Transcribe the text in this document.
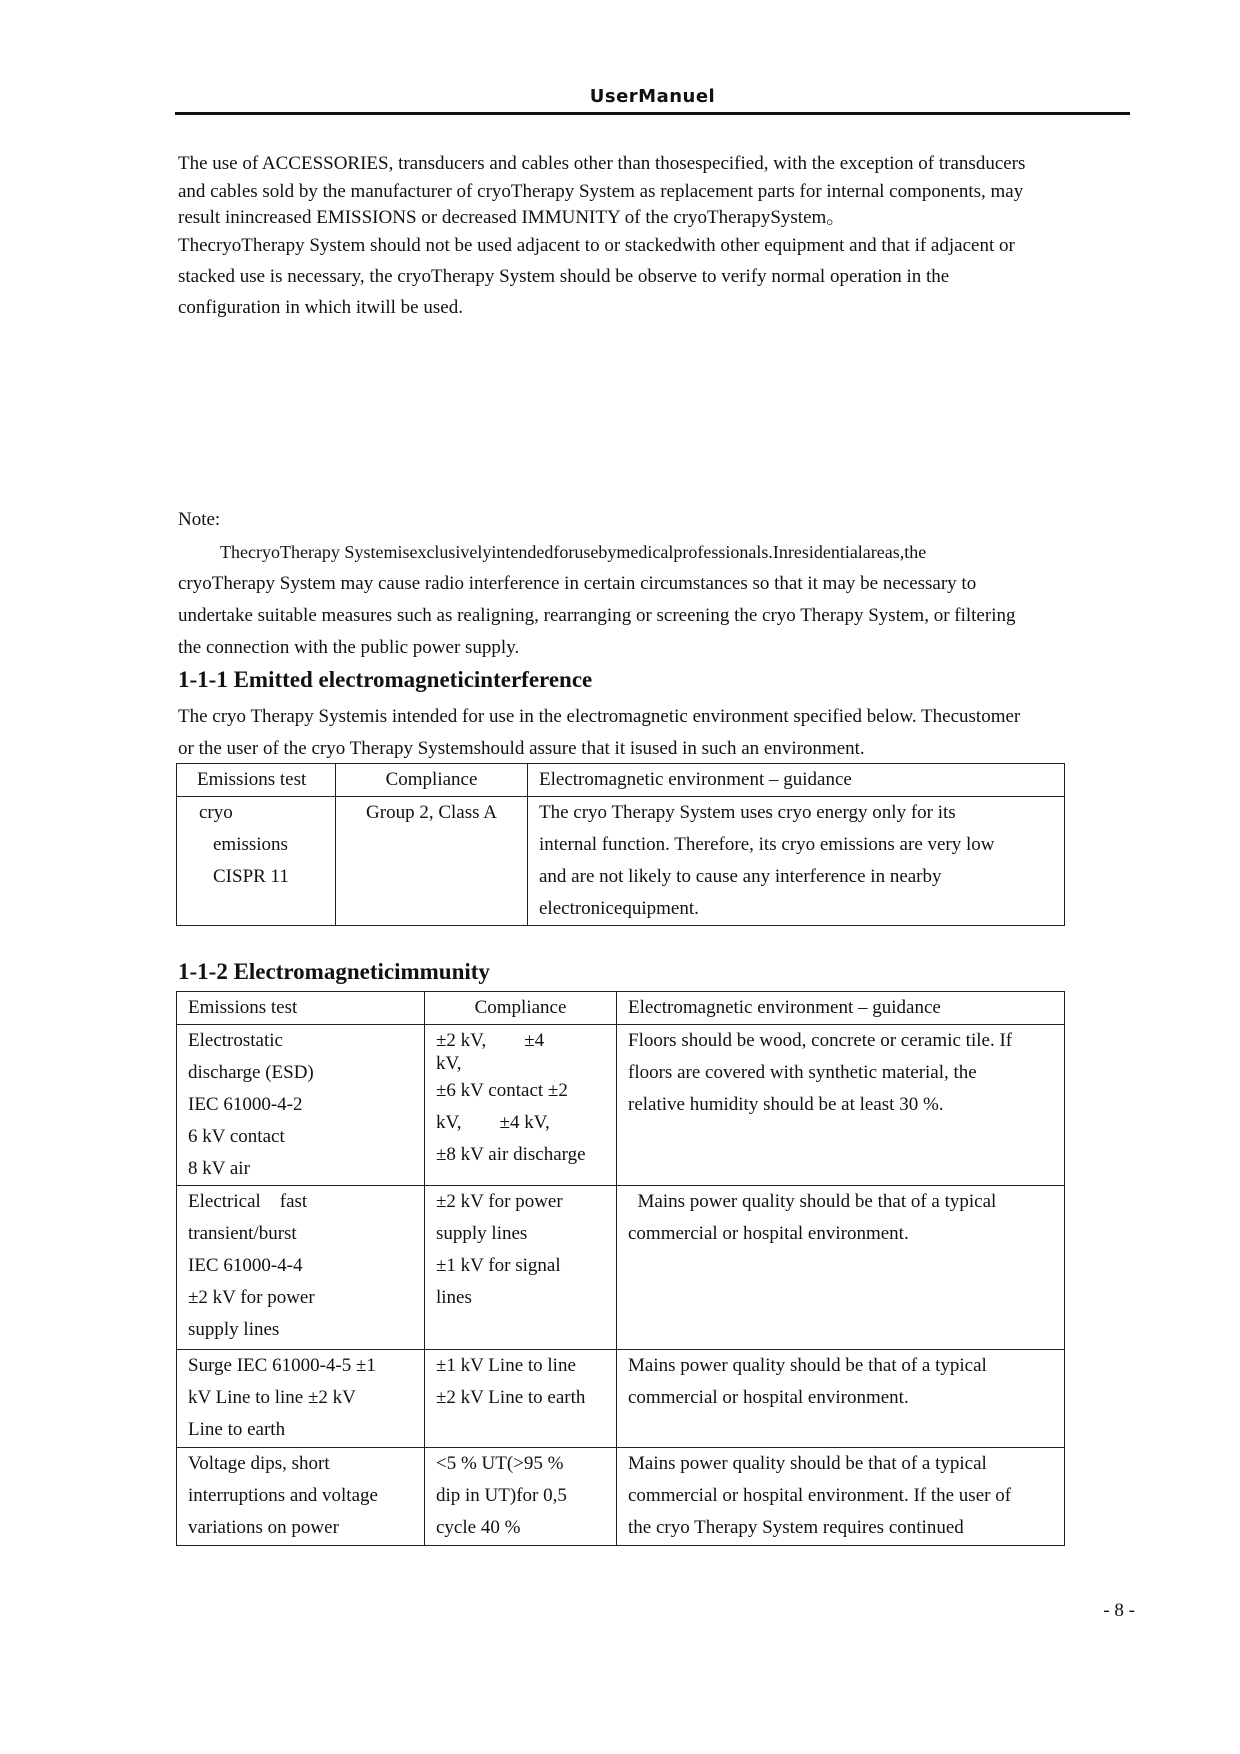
UserManuel

The use of ACCESSORIES, transducers and cables other than thosespecified, with the exception of transducers

and cables sold by the manufacturer of cryoTherapy System as replacement parts for internal components, may

result inincreased EMISSIONS or decreased IMMUNITY of the cryoTherapySystem。

ThecryoTherapy System should not be used adjacent to or stackedwith other equipment and that if adjacent or

stacked use is necessary, the cryoTherapy System should be observe to verify normal operation in the

configuration in which itwill be used.

Note:

ThecryoTherapy Systemisexclusivelyintendedforusebymedicalprofessionals.Inresidentialareas,the

cryoTherapy System may cause radio interference in certain circumstances so that it may be necessary to

undertake suitable measures such as realigning, rearranging or screening the cryo Therapy System, or filtering

the connection with the public power supply.

1-1-1 Emitted electromagneticinterference

The cryo Therapy Systemis intended for use in the electromagnetic environment specified below. Thecustomer

or the user of the cryo Therapy Systemshould assure that it isused in such an environment.

Emissions test	Compliance	Electromagnetic environment – guidance

cryo
emissions
CISPR 11	Group 2, Class A	The cryo Therapy System uses cryo energy only for its
internal function. Therefore, its cryo emissions are very low
and are not likely to cause any interference in nearby
electronicequipment.
1-1-2 Electromagneticimmunity
Emissions test	Compliance	Electromagnetic environment – guidance

Electrostatic
discharge (ESD)
IEC 61000-4-2
6 kV contact
8 kV air	±2 kV,  ±4
kV,
±6 kV contact ±2
kV,  ±4 kV,
±8 kV air discharge	Floors should be wood, concrete or ceramic tile. If
floors are covered with synthetic material, the
relative humidity should be at least 30 %.

Electrical fast
transient/burst
IEC 61000-4-4
±2 kV for power
supply lines	±2 kV for power
supply lines
±1 kV for signal
lines	 Mains power quality should be that of a typical
commercial or hospital environment.

Surge IEC 61000-4-5 ±1
kV Line to line ±2 kV
Line to earth	±1 kV Line to line
±2 kV Line to earth	Mains power quality should be that of a typical
commercial or hospital environment.

Voltage dips, short
interruptions and voltage
variations on power	<5 % UT(>95 %
dip in UT)for 0,5
cycle 40 %	Mains power quality should be that of a typical
commercial or hospital environment. If the user of
the cryo Therapy System requires continued
- 8 -
